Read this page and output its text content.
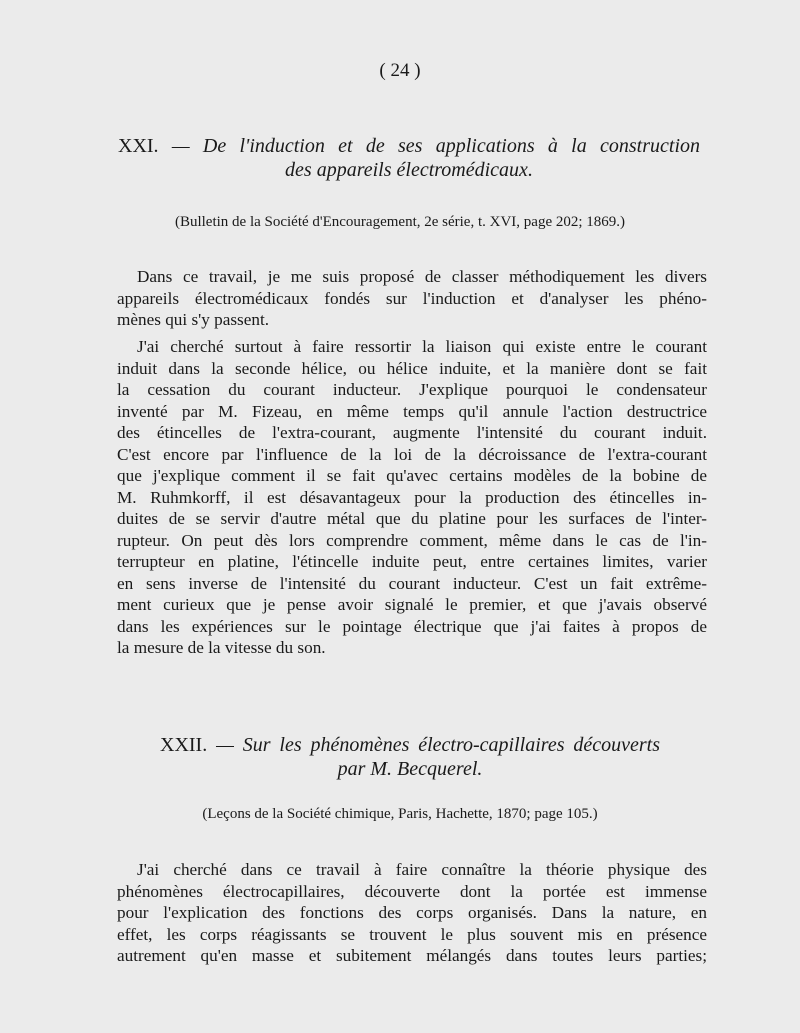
( 24 )
XXI. — De l'induction et de ses applications à la construction
des appareils électromédicaux.
(Bulletin de la Société d'Encouragement, 2e série, t. XVI, page 202; 1869.)
Dans ce travail, je me suis proposé de classer méthodiquement les divers
appareils électromédicaux fondés sur l'induction et d'analyser les phéno-
mènes qui s'y passent.
J'ai cherché surtout à faire ressortir la liaison qui existe entre le courant
induit dans la seconde hélice, ou hélice induite, et la manière dont se fait
la cessation du courant inducteur. J'explique pourquoi le condensateur
inventé par M. Fizeau, en même temps qu'il annule l'action destructrice
des étincelles de l'extra-courant, augmente l'intensité du courant induit.
C'est encore par l'influence de la loi de la décroissance de l'extra-courant
que j'explique comment il se fait qu'avec certains modèles de la bobine de
M. Ruhmkorff, il est désavantageux pour la production des étincelles in-
duites de se servir d'autre métal que du platine pour les surfaces de l'inter-
rupteur. On peut dès lors comprendre comment, même dans le cas de l'in-
terrupteur en platine, l'étincelle induite peut, entre certaines limites, varier
en sens inverse de l'intensité du courant inducteur. C'est un fait extrême-
ment curieux que je pense avoir signalé le premier, et que j'avais observé
dans les expériences sur le pointage électrique que j'ai faites à propos de
la mesure de la vitesse du son.
XXII. — Sur les phénomènes électro-capillaires découverts
par M. Becquerel.
(Leçons de la Société chimique, Paris, Hachette, 1870; page 105.)
J'ai cherché dans ce travail à faire connaître la théorie physique des
phénomènes électrocapillaires, découverte dont la portée est immense
pour l'explication des fonctions des corps organisés. Dans la nature, en
effet, les corps réagissants se trouvent le plus souvent mis en présence
autrement qu'en masse et subitement mélangés dans toutes leurs parties;
